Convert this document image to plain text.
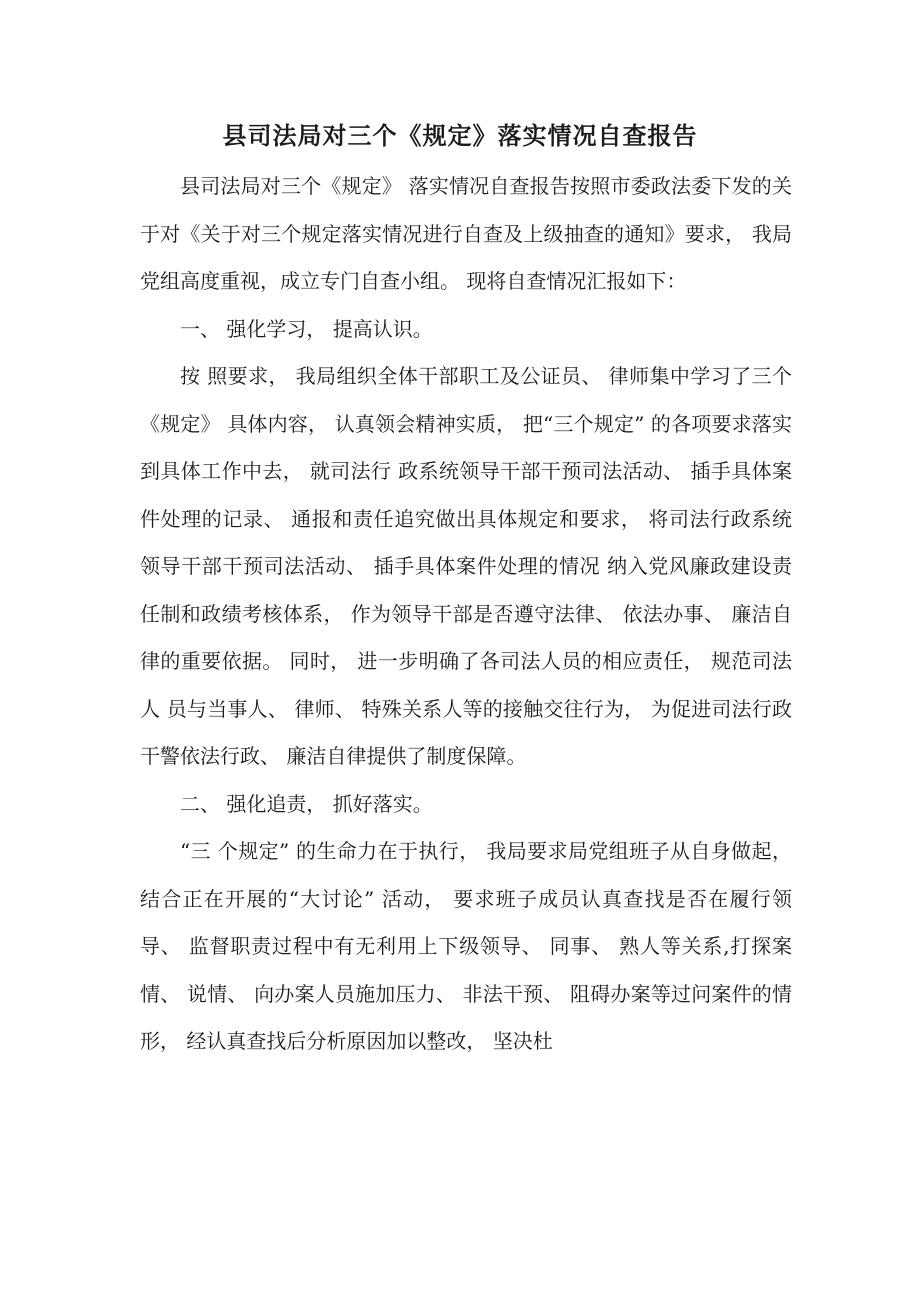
县司法局对三个《规定》落实情况自查报告

县司法局对三个《规定》 落实情况自查报告按照市委政法委下发的关于对《关于对三个规定落实情况进行自查及上级抽查的通知》要求， 我局党组高度重视，成立专门自查小组。 现将自查情况汇报如下：

一、 强化学习， 提高认识。

按 照要求， 我局组织全体干部职工及公证员、 律师集中学习了三个《规定》 具体内容， 认真领会精神实质， 把“三个规定” 的各项要求落实到具体工作中去， 就司法行 政系统领导干部干预司法活动、 插手具体案件处理的记录、 通报和责任追究做出具体规定和要求， 将司法行政系统领导干部干预司法活动、 插手具体案件处理的情况 纳入党风廉政建设责任制和政绩考核体系， 作为领导干部是否遵守法律、 依法办事、 廉洁自律的重要依据。 同时， 进一步明确了各司法人员的相应责任， 规范司法人 员与当事人、 律师、 特殊关系人等的接触交往行为， 为促进司法行政干警依法行政、 廉洁自律提供了制度保障。

二、 强化追责， 抓好落实。

“三 个规定” 的生命力在于执行， 我局要求局党组班子从自身做起， 结合正在开展的“大讨论” 活动， 要求班子成员认真查找是否在履行领导、 监督职责过程中有无利用上下级领导、 同事、 熟人等关系,打探案情、 说情、 向办案人员施加压力、 非法干预、 阻碍办案等过问案件的情形， 经认真查找后分析原因加以整改， 坚决杜
